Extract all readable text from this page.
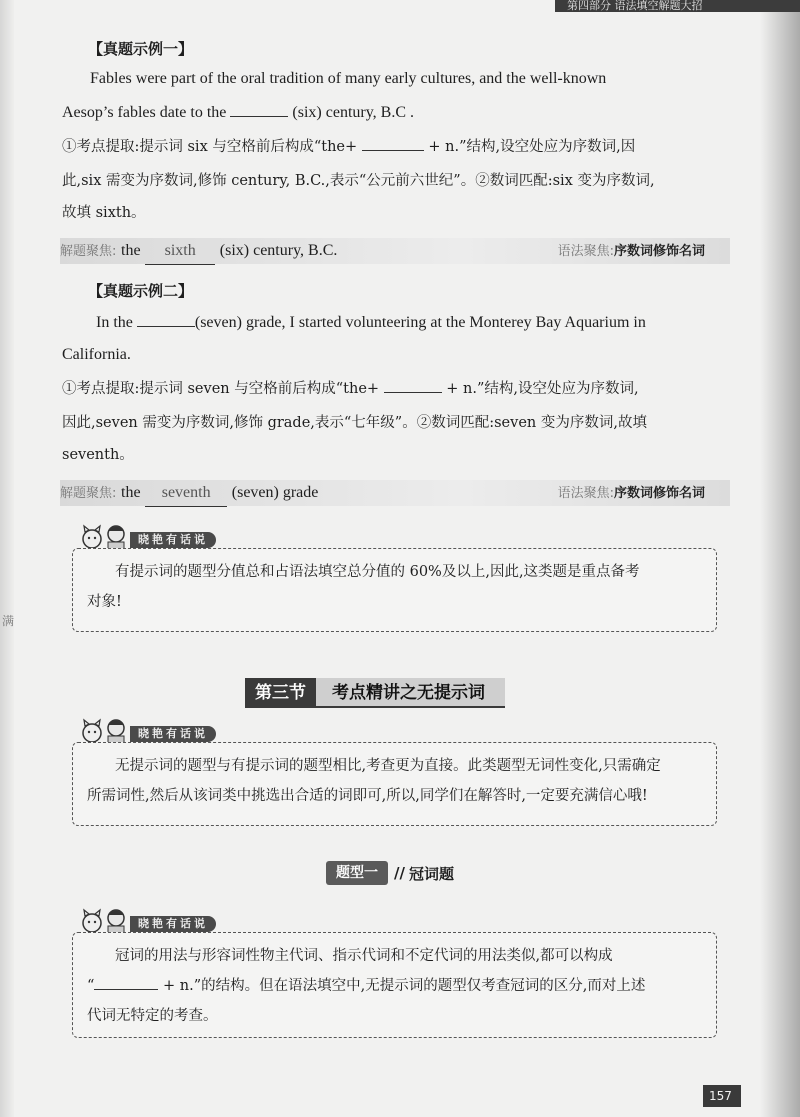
第四部分 语法填空解题大招
【真题示例一】
Fables were part of the oral tradition of many early cultures, and the well-known
Aesop’s fables date to the	(six) century, B.C .
①考点提取:提示词 six 与空格前后构成“the+	+ n.”结构,设空处应为序数词,因
此,six 需变为序数词,修饰 century, B.C.,表示“公元前六世纪”。②数词匹配:six 变为序数词,
故填 sixth。
解题聚焦: the sixth (six) century, B.C.	语法聚焦:序数词修饰名词
【真题示例二】
In the	(seven) grade, I started volunteering at the Monterey Bay Aquarium in
California.
①考点提取:提示词 seven 与空格前后构成“the+	+ n.”结构,设空处应为序数词,
因此,seven 需变为序数词,修饰 grade,表示“七年级”。②数词匹配:seven 变为序数词,故填
seventh。
解题聚焦: the seventh (seven) grade	语法聚焦:序数词修饰名词
晓艳有话说
有提示词的题型分值总和占语法填空总分值的 60%及以上,因此,这类题是重点备考
对象!
第三节	考点精讲之无提示词
晓艳有话说
无提示词的题型与有提示词的题型相比,考查更为直接。此类题型无词性变化,只需确定
所需词性,然后从该词类中挑选出合适的词即可,所以,同学们在解答时,一定要充满信心哦!
题型一	// 冠词题
晓艳有话说
冠词的用法与形容词性物主代词、指示代词和不定代词的用法类似,都可以构成
“	+ n.”的结构。但在语法填空中,无提示词的题型仅考查冠词的区分,而对上述
代词无特定的考查。
满
157
